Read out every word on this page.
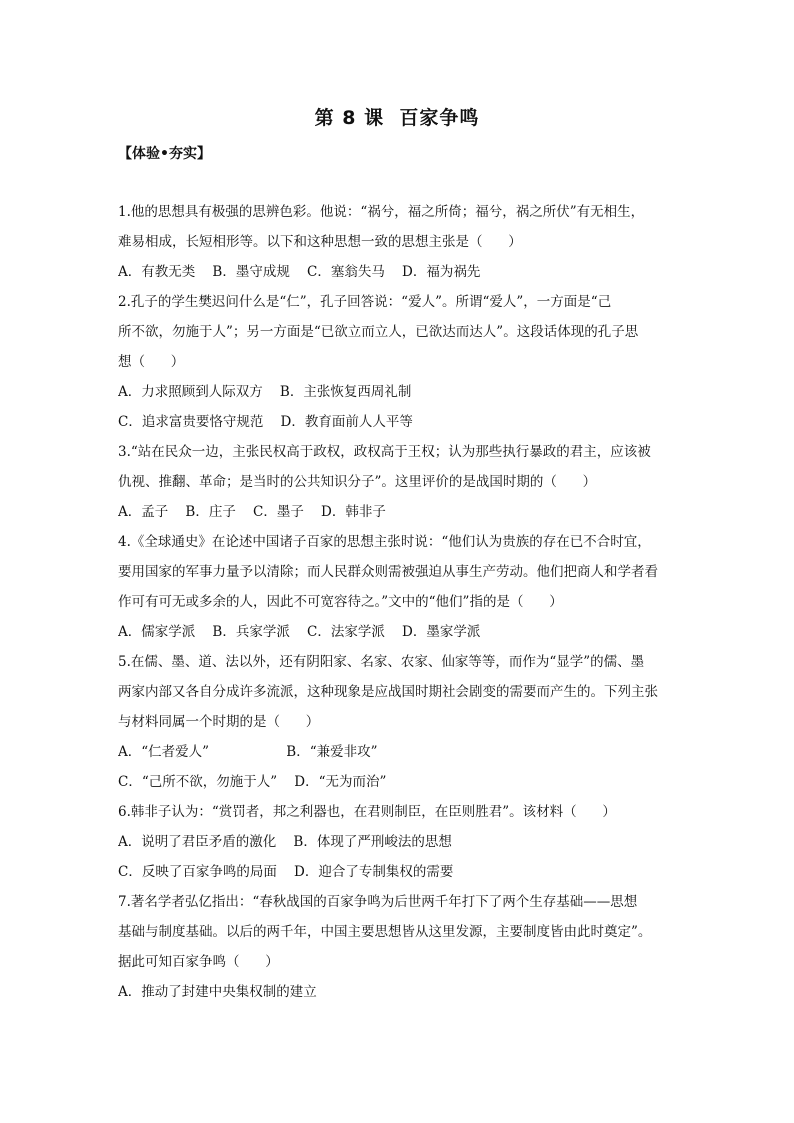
第 8 课  百家争鸣
【体验•夯实】
1.他的思想具有极强的思辨色彩。他说：“祸兮，福之所倚；福兮，祸之所伏”有无相生，
难易相成，长短相形等。以下和这种思想一致的思想主张是（      ）
A．有教无类    B．墨守成规    C．塞翁失马    D．福为祸先
2.孔子的学生樊迟问什么是“仁”，孔子回答说：“爱人”。所谓“爱人”，一方面是“己
所不欲，勿施于人”；另一方面是“已欲立而立人，已欲达而达人”。这段话体现的孔子思
想（      ）
A．力求照顾到人际双方    B．主张恢复西周礼制
C．追求富贵要恪守规范    D．教育面前人人平等
3.“站在民众一边，主张民权高于政权，政权高于王权；认为那些执行暴政的君主，应该被
仇视、推翻、革命；是当时的公共知识分子”。这里评价的是战国时期的（      ）
A．孟子    B．庄子    C．墨子    D．韩非子
4.《全球通史》在论述中国诸子百家的思想主张时说：“他们认为贵族的存在已不合时宜，
要用国家的军事力量予以清除；而人民群众则需被强迫从事生产劳动。他们把商人和学者看
作可有可无或多余的人，因此不可宽容待之。”文中的“他们”指的是（      ）
A．儒家学派    B．兵家学派    C．法家学派    D．墨家学派
5.在儒、墨、道、法以外，还有阴阳家、名家、农家、仙家等等，而作为“显学”的儒、墨
两家内部又各自分成许多流派，这种现象是应战国时期社会剧变的需要而产生的。下列主张
与材料同属一个时期的是（      ）
A．“仁者爱人”                  B．“兼爱非攻”
C．“己所不欲，勿施于人”    D．“无为而治”
6.韩非子认为：“赏罚者，邦之利器也，在君则制臣，在臣则胜君”。该材料（      ）
A．说明了君臣矛盾的激化    B．体现了严刑峻法的思想
C．反映了百家争鸣的局面    D．迎合了专制集权的需要
7.著名学者弘亿指出：“春秋战国的百家争鸣为后世两千年打下了两个生存基础——思想
基础与制度基础。以后的两千年，中国主要思想皆从这里发源，主要制度皆由此时奠定”。
据此可知百家争鸣（      ）
A．推动了封建中央集权制的建立
